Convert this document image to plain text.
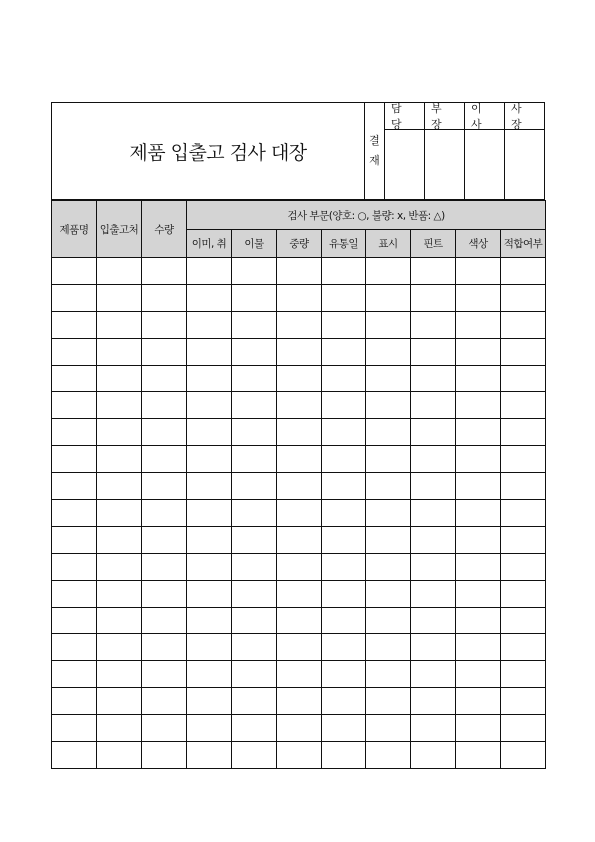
제품 입출고 검사 대장
결
재
담 당
부 장
이 사
사 장
제품명	입출고처	수량	검사 부문(양호: ○, 불량: x, 반품: △)							
			이미, 취	이물	중량	유통일	표시	핀트	색상	적합여부
